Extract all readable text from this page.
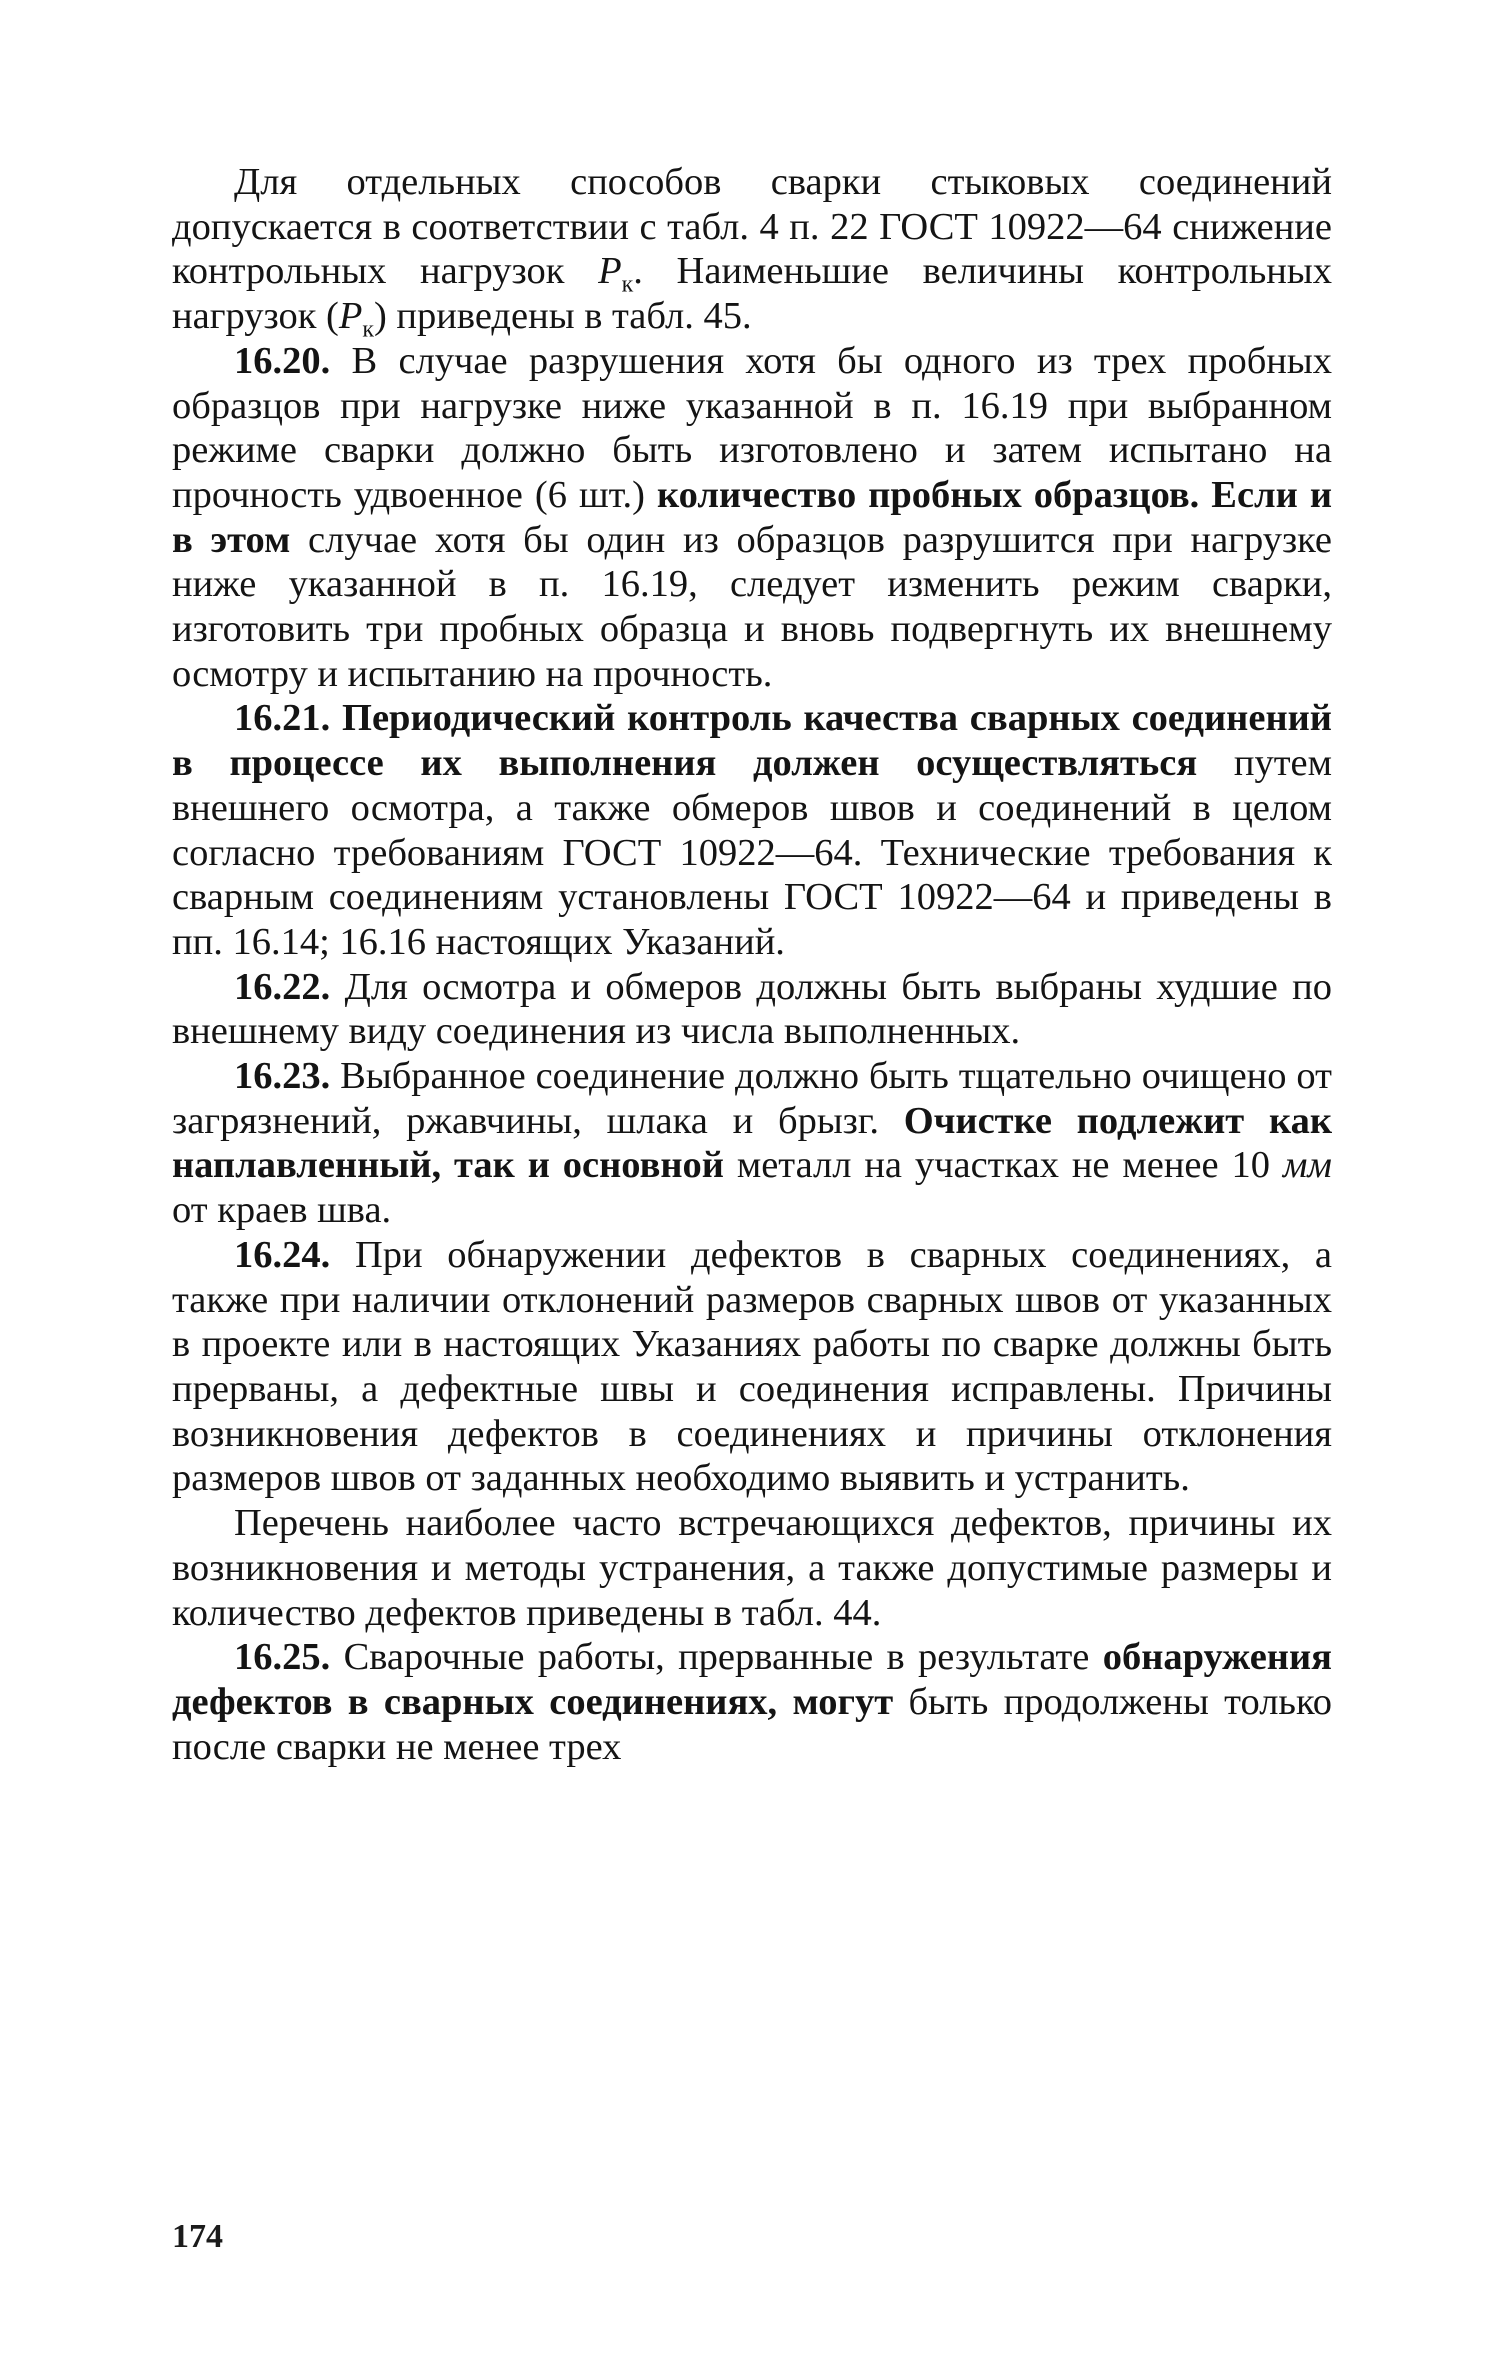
Для отдельных способов сварки стыковых соединений допускается в соответствии с табл. 4 п. 22 ГОСТ 10922—64 снижение контрольных нагрузок $P_к$. Наименьшие величины контрольных нагрузок $(P_к)$ приведены в табл. 45.

16.20. В случае разрушения хотя бы одного из трех пробных образцов при нагрузке ниже указанной в п. 16.19 при выбранном режиме сварки должно быть изготовлено и затем испытано на прочность удвоенное (6 шт.) количество пробных образцов. Если и в этом случае хотя бы один из образцов разрушится при нагрузке ниже указанной в п. 16.19, следует изменить режим сварки, изготовить три пробных образца и вновь подвергнуть их внешнему осмотру и испытанию на прочность.

16.21. Периодический контроль качества сварных соединений в процессе их выполнения должен осуществляться путем внешнего осмотра, а также обмеров швов и соединений в целом согласно требованиям ГОСТ 10922—64. Технические требования к сварным соединениям установлены ГОСТ 10922—64 и приведены в пп. 16.14; 16.16 настоящих Указаний.

16.22. Для осмотра и обмеров должны быть выбраны худшие по внешнему виду соединения из числа выполненных.

16.23. Выбранное соединение должно быть тщательно очищено от загрязнений, ржавчины, шлака и брызг. Очистке подлежит как наплавленный, так и основной металл на участках не менее 10 мм от краев шва.

16.24. При обнаружении дефектов в сварных соединениях, а также при наличии отклонений размеров сварных швов от указанных в проекте или в настоящих Указаниях работы по сварке должны быть прерваны, а дефектные швы и соединения исправлены. Причины возникновения дефектов в соединениях и причины отклонения размеров швов от заданных необходимо выявить и устранить.

Перечень наиболее часто встречающихся дефектов, причины их возникновения и методы устранения, а также допустимые размеры и количество дефектов приведены в табл. 44.

16.25. Сварочные работы, прерванные в результате обнаружения дефектов в сварных соединениях, могут быть продолжены только после сварки не менее трех

174
